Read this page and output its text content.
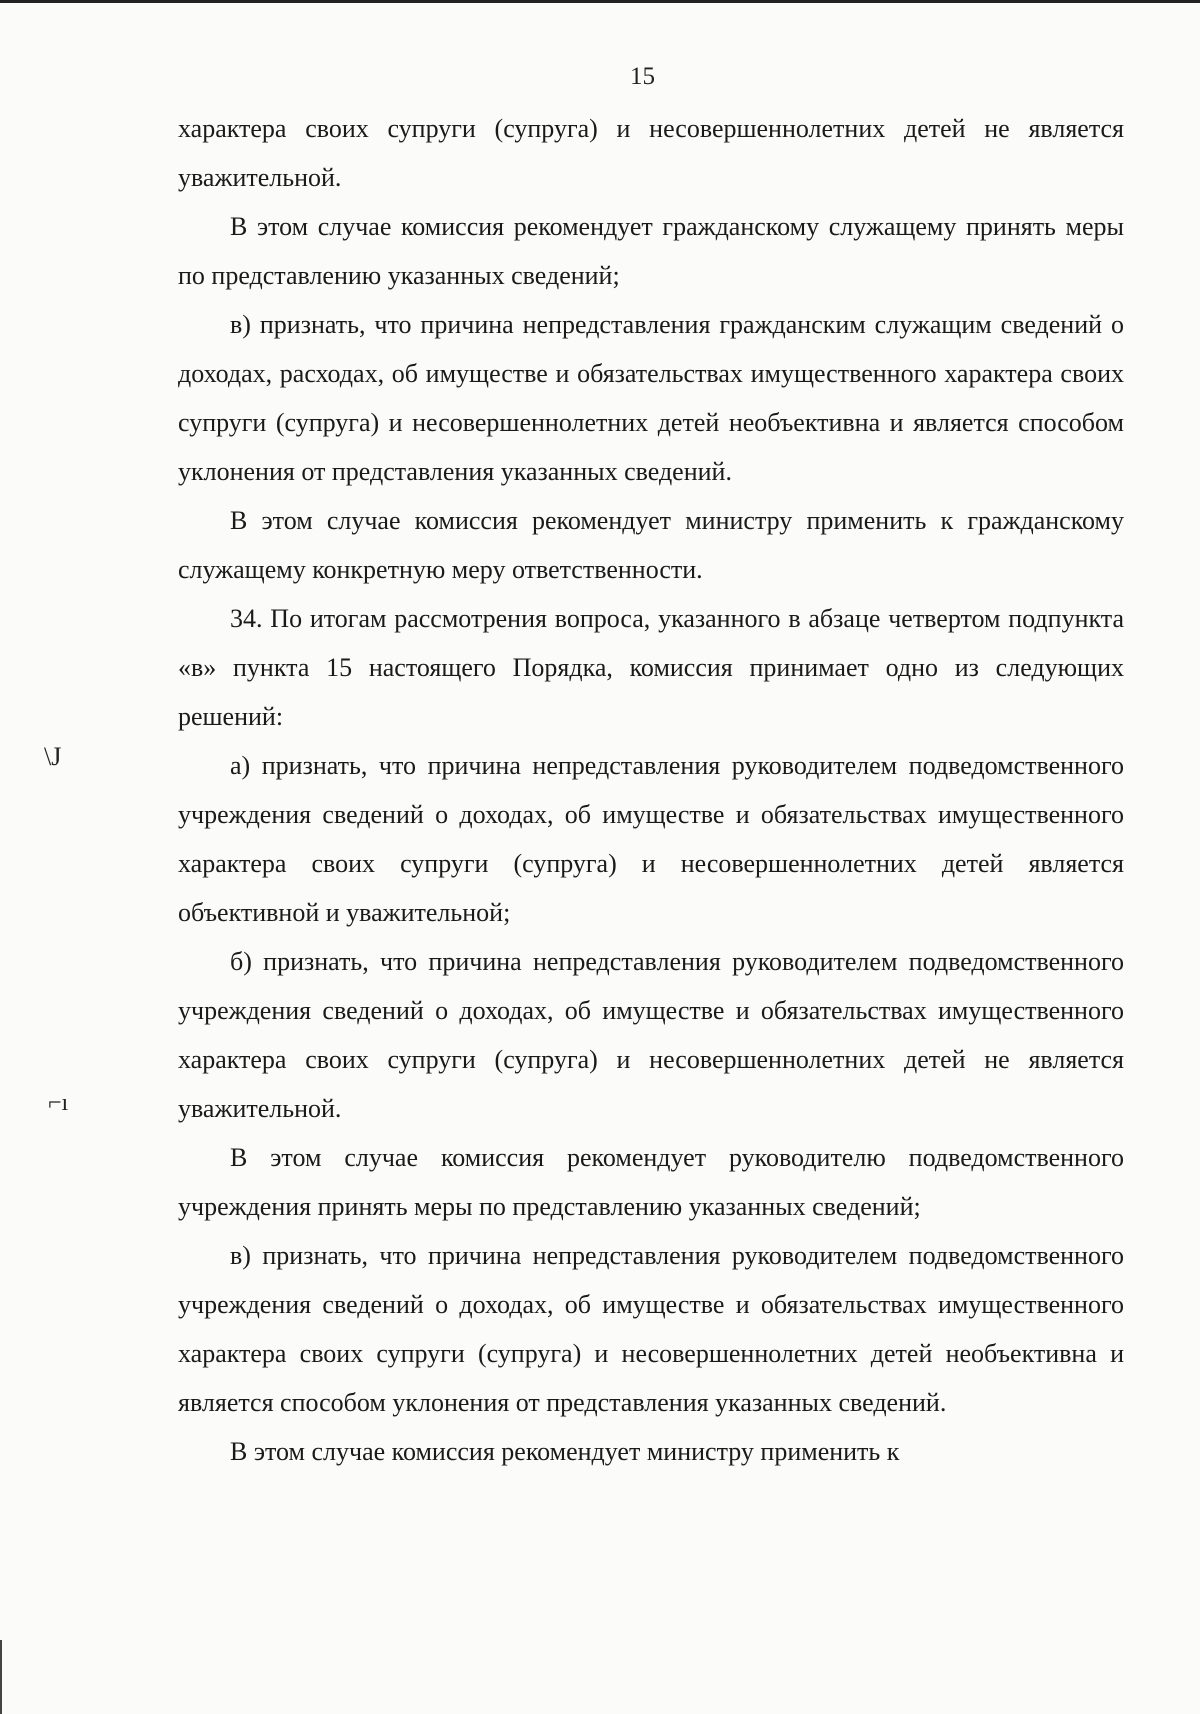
15

характера своих супруги (супруга) и несовершеннолетних детей не является уважительной.

В этом случае комиссия рекомендует гражданскому служащему принять меры по представлению указанных сведений;

в) признать, что причина непредставления гражданским служащим сведений о доходах, расходах, об имуществе и обязательствах имущественного характера своих супруги (супруга) и несовершеннолетних детей необъективна и является способом уклонения от представления указанных сведений.

В этом случае комиссия рекомендует министру применить к гражданскому служащему конкретную меру ответственности.

34. По итогам рассмотрения вопроса, указанного в абзаце четвертом подпункта «в» пункта 15 настоящего Порядка, комиссия принимает одно из следующих решений:

а) признать, что причина непредставления руководителем подведомственного учреждения сведений о доходах, об имуществе и обязательствах имущественного характера своих супруги (супруга) и несовершеннолетних детей является объективной и уважительной;

б) признать, что причина непредставления руководителем подведомственного учреждения сведений о доходах, об имуществе и обязательствах имущественного характера своих супруги (супруга) и несовершеннолетних детей не является уважительной.

В этом случае комиссия рекомендует руководителю подведомственного учреждения принять меры по представлению указанных сведений;

в) признать, что причина непредставления руководителем подведомственного учреждения сведений о доходах, об имуществе и обязательствах имущественного характера своих супруги (супруга) и несовершеннолетних детей необъективна и является способом уклонения от представления указанных сведений.

В этом случае комиссия рекомендует министру применить к

\J
⌐ı
